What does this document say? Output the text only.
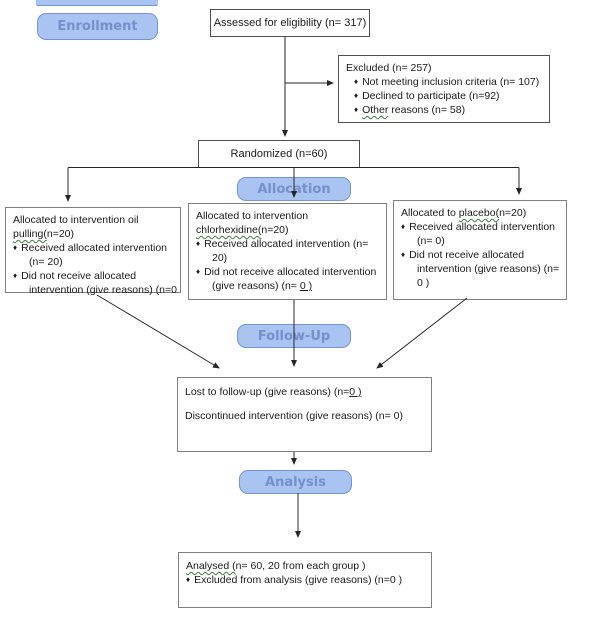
Enrollment
Allocation
Follow-Up
Analysis
Assessed for eligibility (n= 317)
Excluded (n= 257)
♦ Not meeting inclusion criteria (n= 107)
♦ Declined to participate (n=92)
♦ Other reasons (n= 58)
Randomized (n=60)
Allocated to intervention oil
pulling(n=20)
♦ Received allocated intervention
(n= 20)
♦ Did not receive allocated
intervention (give reasons) (n=0
Allocated to intervention
chlorhexidine(n=20)
♦ Received allocated intervention (n=
20)
♦ Did not receive allocated intervention
(give reasons) (n= 0 )
Allocated to placebo(n=20)
♦ Received allocated intervention
(n= 0)
♦ Did not receive allocated
intervention (give reasons) (n=
0 )
Lost to follow-up (give reasons) (n=0 )
Discontinued intervention (give reasons) (n= 0)
Analysed (n= 60, 20 from each group )
♦ Excluded from analysis (give reasons) (n=0 )
